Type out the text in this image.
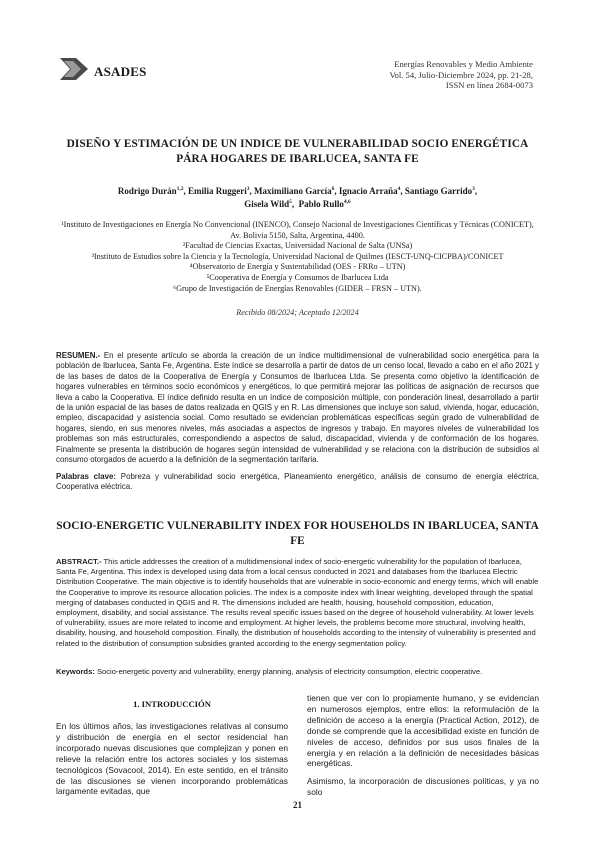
ASADES	Energías Renovables y Medio Ambiente
Vol. 54, Julio-Diciembre 2024, pp. 21-28,
ISSN en línea 2684-0073
DISEÑO Y ESTIMACIÓN DE UN INDICE DE VULNERABILIDAD SOCIO ENERGÉTICA PÁRA HOGARES DE IBARLUCEA, SANTA FE
Rodrigo Durán$^{1,2}$, Emilia Ruggeri$^3$, Maximiliano García$^6$, Ignacio Arraña$^4$, Santiago Garrido$^3$,
Gisela Wild$^5$,  Pablo Rullo$^{4,6}$
¹Instituto de Investigaciones en Energía No Convencional (INENCO), Consejo Nacional de Investigaciones Científicas y Técnicas (CONICET), Av. Bolivia 5150, Salta, Argentina, 4400.
²Facultad de Ciencias Exactas, Universidad Nacional de Salta (UNSa)
³Instituto de Estudios sobre la Ciencia y la Tecnología, Universidad Nacional de Quilmes (IESCT-UNQ-CICPBA)/CONICET
⁴Observatorio de Energía y Sustentabilidad (OES - FRRo – UTN)
⁵Cooperativa de Energía y Consumos de Ibarlucea Ltda
⁶Grupo de Investigación de Energías Renovables (GIDER – FRSN – UTN).
Recibido 08/2024; Aceptado 12/2024
RESUMEN.- En el presente artículo se aborda la creación de un índice multidimensional de vulnerabilidad socio energética para la población de Ibarlucea, Santa Fe, Argentina. Este índice se desarrolla a partir de datos de un censo local, llevado a cabo en el año 2021 y de las bases de datos de la Cooperativa de Energía y Consumos de Ibarlucea Ltda. Se presenta como objetivo la identificación de hogares vulnerables en términos socio económicos y energéticos, lo que permitirá mejorar las políticas de asignación de recursos que lleva a cabo la Cooperativa. El índice definido resulta en un índice de composición múltiple, con ponderación lineal, desarrollado a partir de la unión espacial de las bases de datos realizada en QGIS y en R. Las dimensiones que incluye son salud, vivienda, hogar, educación, empleo, discapacidad y asistencia social. Como resultado se evidencian problemáticas específicas según grado de vulnerabilidad de hogares, siendo, en sus menores niveles, más asociadas a aspectos de ingresos y trabajo. En mayores niveles de vulnerabilidad los problemas son más estructurales, correspondiendo a aspectos de salud, discapacidad, vivienda y de conformación de los hogares. Finalmente se presenta la distribución de hogares según intensidad de vulnerabilidad y se relaciona con la distribución de subsidios al consumo otorgados de acuerdo a la definición de la segmentación tarifaria.
Palabras clave: Pobreza y vulnerabilidad socio energética, Planeamiento energético, análisis de consumo de energía eléctrica, Cooperativa eléctrica.
SOCIO-ENERGETIC VULNERABILITY INDEX FOR HOUSEHOLDS IN IBARLUCEA, SANTA FE
ABSTRACT.- This article addresses the creation of a multidimensional index of socio-energetic vulnerability for the population of Ibarlucea, Santa Fe, Argentina. This index is developed using data from a local census conducted in 2021 and databases from the Ibarlucea Electric Distribution Cooperative. The main objective is to identify households that are vulnerable in socio-economic and energy terms, which will enable the Cooperative to improve its resource allocation policies. The index is a composite index with linear weighting, developed through the spatial merging of databases conducted in QGIS and R. The dimensions included are health, housing, household composition, education, employment, disability, and social assistance. The results reveal specific issues based on the degree of household vulnerability. At lower levels of vulnerability, issues are more related to income and employment. At higher levels, the problems become more structural, involving health, disability, housing, and household composition. Finally, the distribution of households according to the intensity of vulnerability is presented and related to the distribution of consumption subsidies granted according to the energy segmentation policy.
Keywords: Socio-energetic poverty and vulnerability, energy planning, analysis of electricity consumption, electric cooperative.
1. INTRODUCCIÓN
En los últimos años, las investigaciones relativas al consumo y distribución de energía en el sector residencial han incorporado nuevas discusiones que complejizan y ponen en relieve la relación entre los actores sociales y los sistemas tecnológicos (Sovacool, 2014). En este sentido, en el tránsito de las discusiones se vienen incorporando problemáticas largamente evitadas, que
tienen que ver con lo propiamente humano, y se evidencian en numerosos ejemplos, entre ellos: la reformulación de la definición de acceso a la energía (Practical Action, 2012), de donde se comprende que la accesibilidad existe en función de niveles de acceso, definidos por sus usos finales de la energía y en relación a la definición de necesidades básicas energéticas.
Asimismo, la incorporación de discusiones políticas, y ya no solo
21
